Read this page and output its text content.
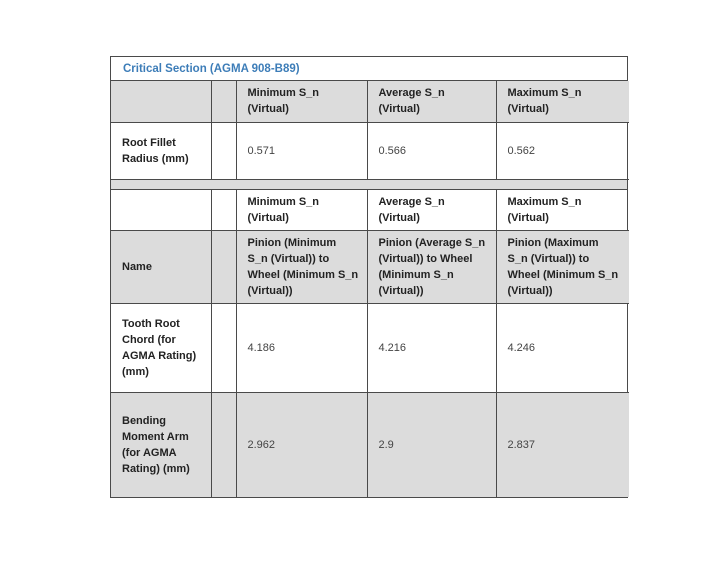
Critical Section (AGMA 908-B89)
		Minimum S_n (Virtual)	Average S_n (Virtual)	Maximum S_n (Virtual)
Root Fillet Radius (mm)		0.571	0.566	0.562
		Minimum S_n (Virtual)	Average S_n (Virtual)	Maximum S_n (Virtual)
Name		Pinion (Minimum S_n (Virtual)) to Wheel (Minimum S_n (Virtual))	Pinion (Average S_n (Virtual)) to Wheel (Minimum S_n (Virtual))	Pinion (Maximum S_n (Virtual)) to Wheel (Minimum S_n (Virtual))
Tooth Root Chord (for AGMA Rating) (mm)		4.186	4.216	4.246
Bending Moment Arm (for AGMA Rating) (mm)		2.962	2.9	2.837
